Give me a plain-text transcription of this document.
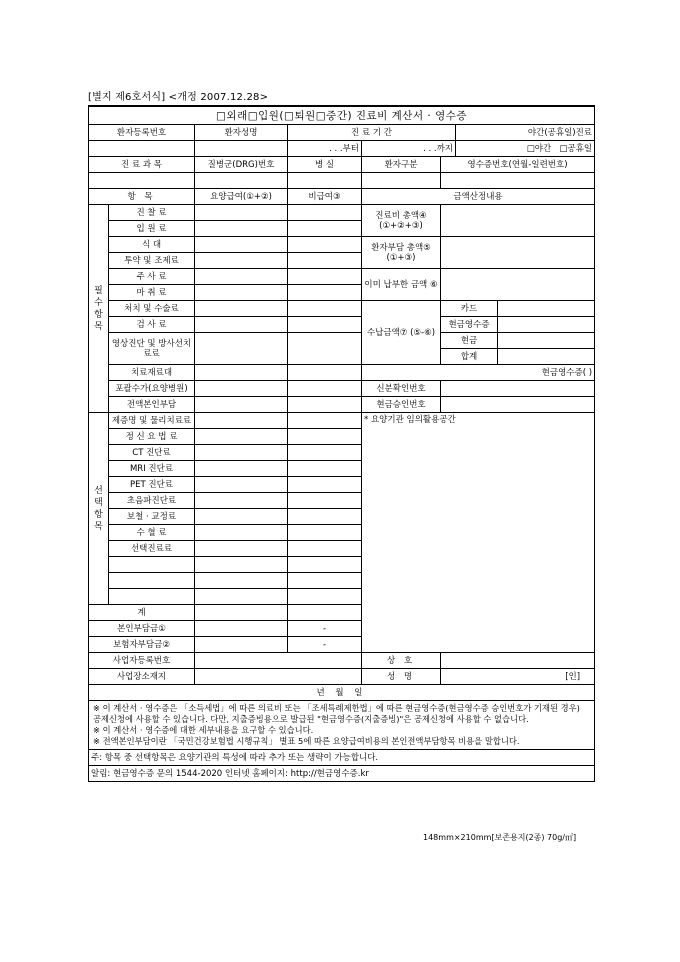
[별지 제6호서식] <개정 2007.12.28>
□외래□입원(□퇴원□중간) 진료비 계산서 · 영수증							
환자등록번호		환자성명	진 료 기 간			야간(공휴일)진료	
			. . .부터	. . .까지		□야간 □공휴일	
진 료 과 목		질병군(DRG)번호	병 실	환자구분	영수증번호(연월-일련번호)		

항 목		요양급여(①+②)	비급여③	금액산정내용			
필 수 항 목	진 찰 료			진료비 총액④ (①+②+③)			
	입 원 료						
	식 대			환자부담 총액⑤ (①+③)			
	투약 및 조제료						
	주 사 료			이미 납부한 금액 ⑥			
	마 취 료						
	처치 및 수술료			수납금액⑦ (⑤-⑥)	카드		
	검 사 료				현금영수증		
	영상진단 및 방사선치료료				현금		
					합계		
	치료재료대			현금영수증( )			
	포괄수가(요양병원)			신분확인번호			
	전액본인부담			현금승인번호			
선 택 항 목	제증명 및 물리치료료			* 요양기관 임의활용공간			
	정 신 요 법 료						
	CT 진단료						
	MRI 진단료						
	PET 진단료						
	초음파진단료						
	보철 · 교정료						
	수 혈 료						
	선택진료료						

계							
본인부담금①			-				
보험자부담금②			-				
사업자등록번호				상 호			
사업장소재지				성 명	[인]		
년 월 일							

※ 이 계산서 · 영수증은 「소득세법」에 따른 의료비 또는 「조세특례제한법」에 따른 현금영수증(현금영수증 승인번호가 기재된 경우) 공제신청에 사용할 수 있습니다. 다만, 지출증빙용으로 발급된 "현금영수증(지출증빙)"은 공제신청에 사용할 수 없습니다.
※ 이 계산서 · 영수증에 대한 세부내용을 요구할 수 있습니다.
※ 전액본인부담이란 「국민건강보험법 시행규칙」 별표 5에 따른 요양급여비용의 본인전액부담항목 비용을 말합니다.							

주: 항목 중 선택항목은 요양기관의 특성에 따라 추가 또는 생략이 가능합니다.							
알림: 현금영수증 문의 1544-2020 인터넷 홈페이지: http://현금영수증.kr							
148mm×210mm[보존용지(2종) 70g/㎡]
